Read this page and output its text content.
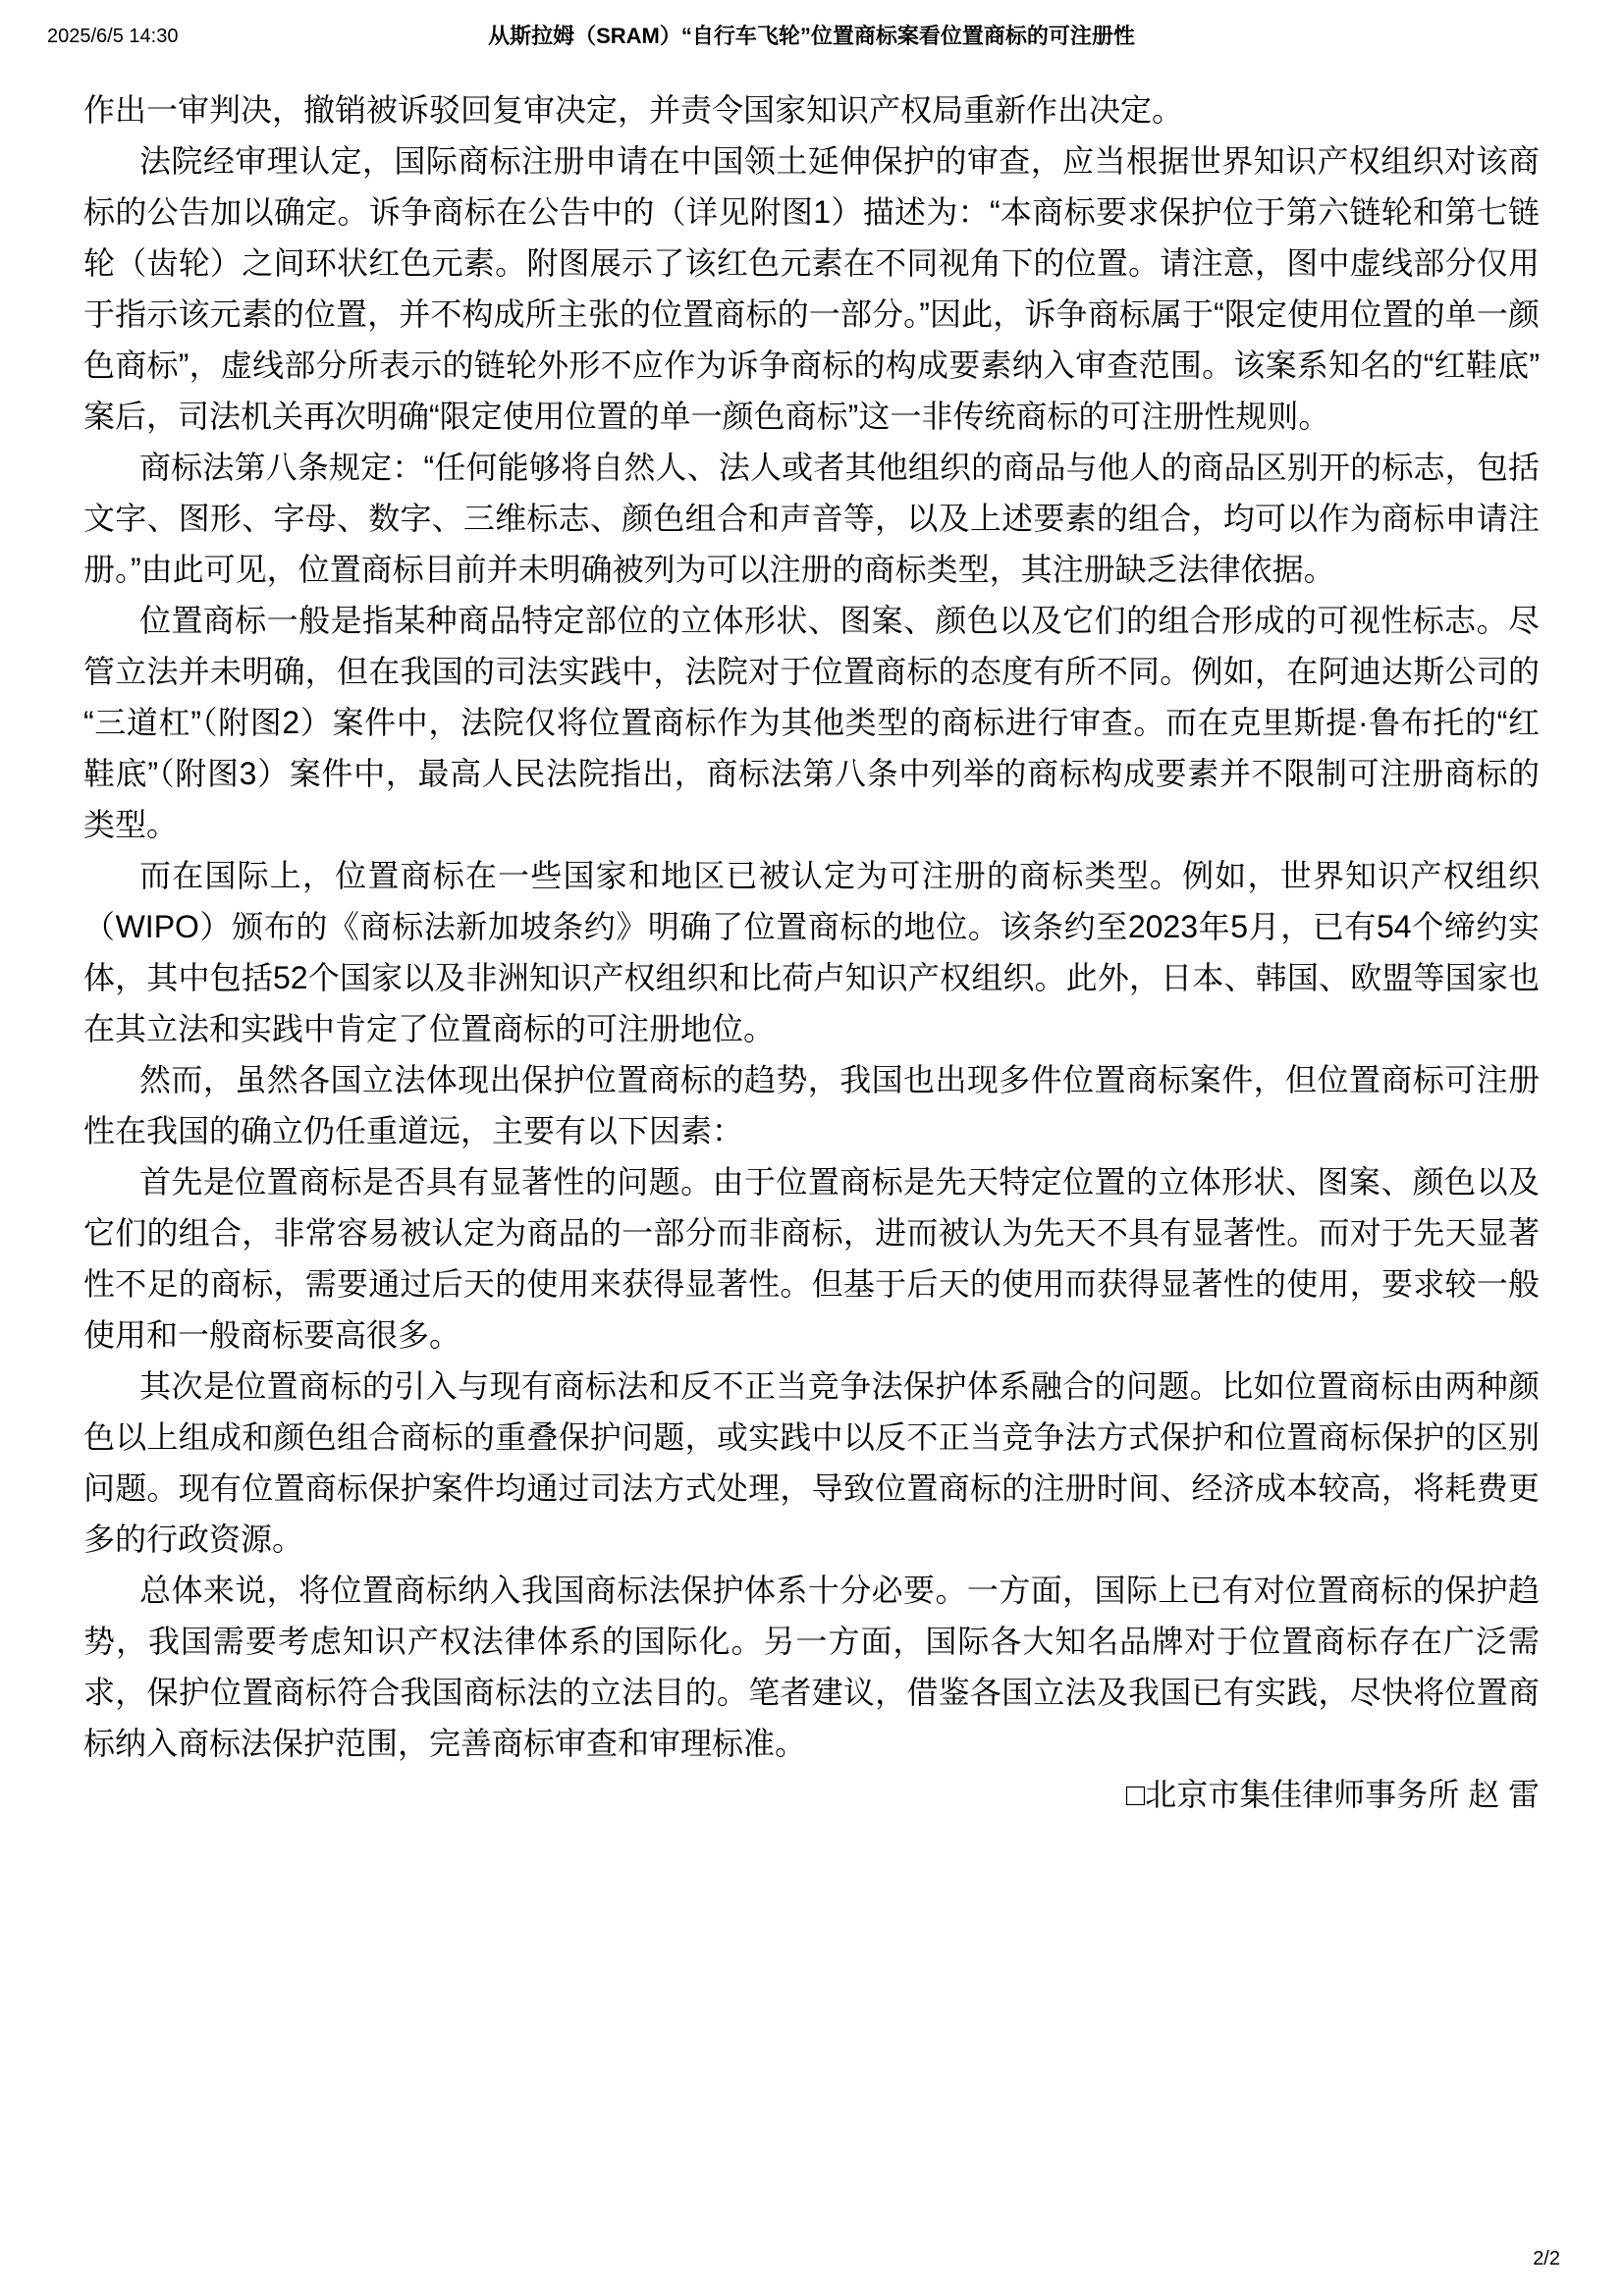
2025/6/5 14:30	从斯拉姆（SRAM）“自行车飞轮”位置商标案看位置商标的可注册性

作出一审判决，撤销被诉驳回复审决定，并责令国家知识产权局重新作出决定。

法院经审理认定，国际商标注册申请在中国领土延伸保护的审查，应当根据世界知识产权组织对该商标的公告加以确定。诉争商标在公告中的（详见附图1）描述为：“本商标要求保护位于第六链轮和第七链轮（齿轮）之间环状红色元素。附图展示了该红色元素在不同视角下的位置。请注意，图中虚线部分仅用于指示该元素的位置，并不构成所主张的位置商标的一部分。”因此，诉争商标属于“限定使用位置的单一颜色商标”，虚线部分所表示的链轮外形不应作为诉争商标的构成要素纳入审查范围。该案系知名的“红鞋底”案后，司法机关再次明确“限定使用位置的单一颜色商标”这一非传统商标的可注册性规则。

商标法第八条规定：“任何能够将自然人、法人或者其他组织的商品与他人的商品区别开的标志，包括文字、图形、字母、数字、三维标志、颜色组合和声音等，以及上述要素的组合，均可以作为商标申请注册。”由此可见，位置商标目前并未明确被列为可以注册的商标类型，其注册缺乏法律依据。

位置商标一般是指某种商品特定部位的立体形状、图案、颜色以及它们的组合形成的可视性标志。尽管立法并未明确，但在我国的司法实践中，法院对于位置商标的态度有所不同。例如，在阿迪达斯公司的“三道杠”（附图2）案件中，法院仅将位置商标作为其他类型的商标进行审查。而在克里斯提·鲁布托的“红鞋底”（附图3）案件中，最高人民法院指出，商标法第八条中列举的商标构成要素并不限制可注册商标的类型。

而在国际上，位置商标在一些国家和地区已被认定为可注册的商标类型。例如，世界知识产权组织（WIPO）颁布的《商标法新加坡条约》明确了位置商标的地位。该条约至2023年5月，已有54个缔约实体，其中包括52个国家以及非洲知识产权组织和比荷卢知识产权组织。此外，日本、韩国、欧盟等国家也在其立法和实践中肯定了位置商标的可注册地位。

然而，虽然各国立法体现出保护位置商标的趋势，我国也出现多件位置商标案件，但位置商标可注册性在我国的确立仍任重道远，主要有以下因素：

首先是位置商标是否具有显著性的问题。由于位置商标是先天特定位置的立体形状、图案、颜色以及它们的组合，非常容易被认定为商品的一部分而非商标，进而被认为先天不具有显著性。而对于先天显著性不足的商标，需要通过后天的使用来获得显著性。但基于后天的使用而获得显著性的使用，要求较一般使用和一般商标要高很多。

其次是位置商标的引入与现有商标法和反不正当竞争法保护体系融合的问题。比如位置商标由两种颜色以上组成和颜色组合商标的重叠保护问题，或实践中以反不正当竞争法方式保护和位置商标保护的区别问题。现有位置商标保护案件均通过司法方式处理，导致位置商标的注册时间、经济成本较高，将耗费更多的行政资源。

总体来说，将位置商标纳入我国商标法保护体系十分必要。一方面，国际上已有对位置商标的保护趋势，我国需要考虑知识产权法律体系的国际化。另一方面，国际各大知名品牌对于位置商标存在广泛需求，保护位置商标符合我国商标法的立法目的。笔者建议，借鉴各国立法及我国已有实践，尽快将位置商标纳入商标法保护范围，完善商标审查和审理标准。

□北京市集佳律师事务所 赵 雷

2/2
